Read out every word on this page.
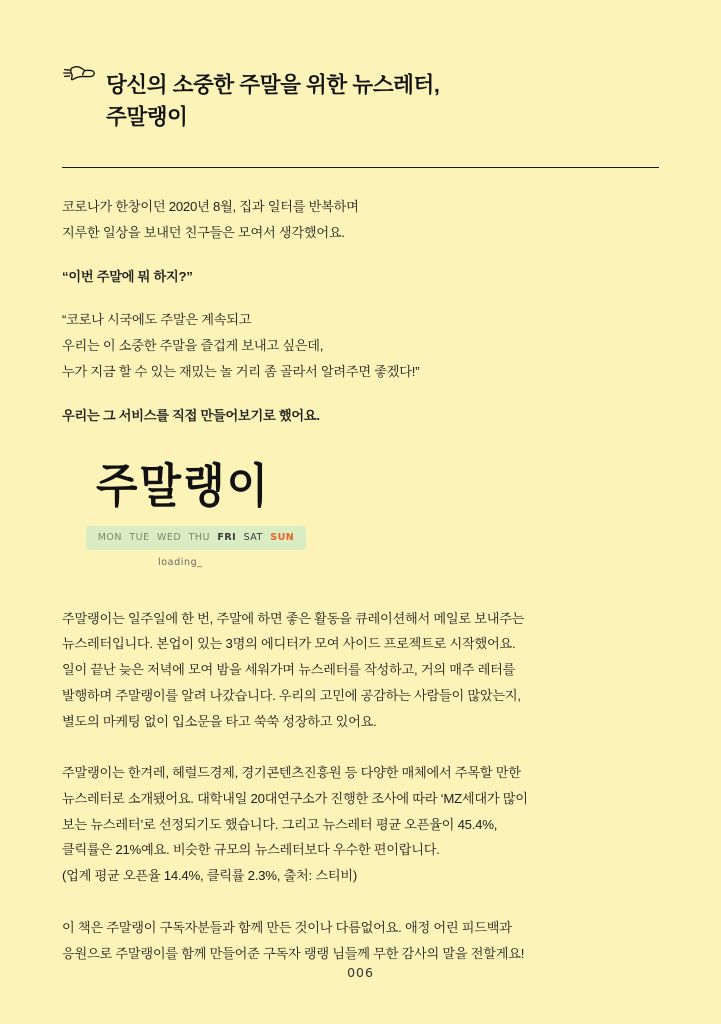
당신의 소중한 주말을 위한 뉴스레터,
주말랭이

코로나가 한창이던 2020년 8월, 집과 일터를 반복하며

지루한 일상을 보내던 친구들은 모여서 생각했어요.

“이번 주말에 뭐 하지?”

“코로나 시국에도 주말은 계속되고

우리는 이 소중한 주말을 즐겁게 보내고 싶은데,

누가 지금 할 수 있는 재밌는 놀 거리 좀 골라서 알려주면 좋겠다!”

우리는 그 서비스를 직접 만들어보기로 했어요.

주말랭이
MON TUE WED THU FRI SAT SUN
loading_

주말랭이는 일주일에 한 번, 주말에 하면 좋은 활동을 큐레이션해서 메일로 보내주는

뉴스레터입니다. 본업이 있는 3명의 에디터가 모여 사이드 프로젝트로 시작했어요.

일이 끝난 늦은 저녁에 모여 밤을 세워가며 뉴스레터를 작성하고, 거의 매주 레터를

발행하며 주말랭이를 알려 나갔습니다. 우리의 고민에 공감하는 사람들이 많았는지,

별도의 마케팅 없이 입소문을 타고 쑥쑥 성장하고 있어요.

주말랭이는 한겨레, 헤럴드경제, 경기콘텐츠진흥원 등 다양한 매체에서 주목할 만한

뉴스레터로 소개됐어요. 대학내일 20대연구소가 진행한 조사에 따라 ‘MZ세대가 많이

보는 뉴스레터’로 선정되기도 했습니다. 그리고 뉴스레터 평균 오픈율이 45.4%,

클릭률은 21%예요. 비슷한 규모의 뉴스레터보다 우수한 편이랍니다.

(업계 평균 오픈율 14.4%, 클릭률 2.3%, 출처: 스티비)

이 책은 주말랭이 구독자분들과 함께 만든 것이나 다름없어요. 애정 어린 피드백과

응원으로 주말랭이를 함께 만들어준 구독자 랭랭 님들께 무한 감사의 말을 전할게요!

006
